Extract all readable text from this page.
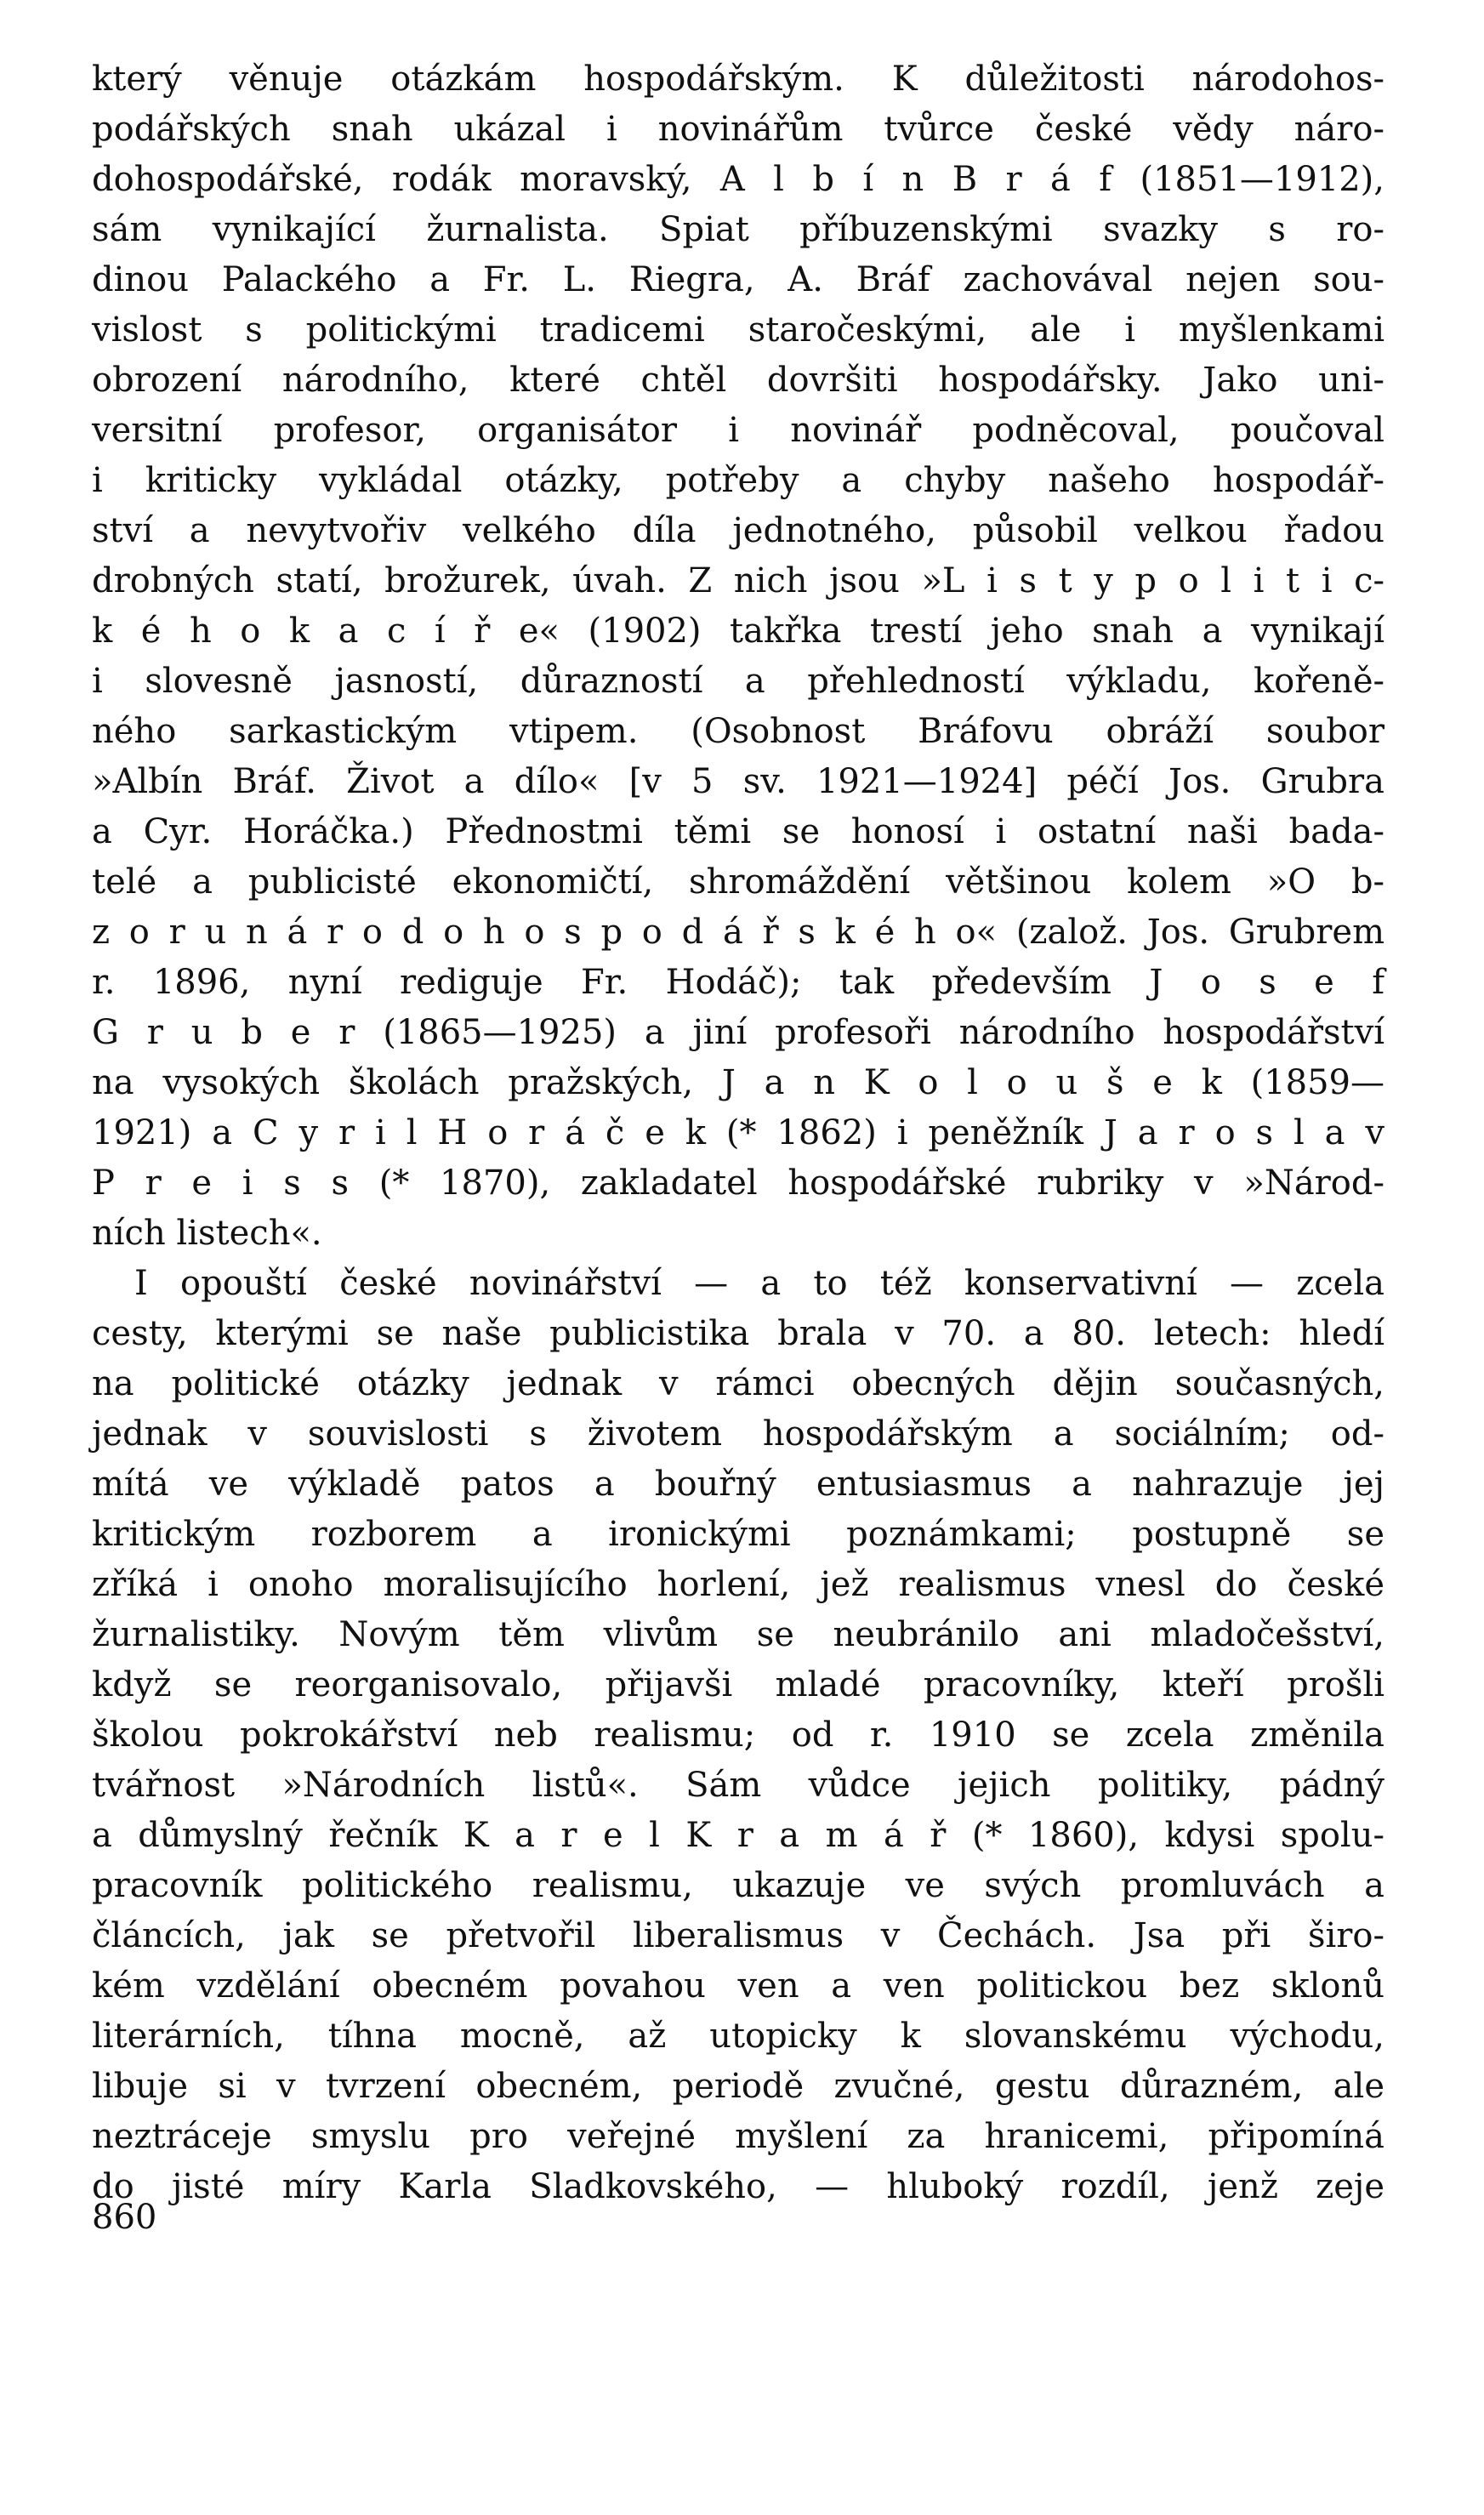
který věnuje otázkám hospodářským. K důležitosti národohos-
podářských snah ukázal i novinářům tvůrce české vědy náro-
dohospodářské, rodák moravský, A l b í n B r á f (1851—1912),
sám vynikající žurnalista. Spiat příbuzenskými svazky s ro-
dinou Palackého a Fr. L. Riegra, A. Bráf zachovával nejen sou-
vislost s politickými tradicemi staročeskými, ale i myšlenkami
obrození národního, které chtěl dovršiti hospodářsky. Jako uni-
versitní profesor, organisátor i novinář podněcoval, poučoval
i kriticky vykládal otázky, potřeby a chyby našeho hospodář-
ství a nevytvořiv velkého díla jednotného, působil velkou řadou
drobných statí, brožurek, úvah. Z nich jsou »L i s t y p o l i t i c-
k é h o k a c í ř e« (1902) takřka trestí jeho snah a vynikají
i slovesně jasností, důrazností a přehledností výkladu, kořeně-
ného sarkastickým vtipem. (Osobnost Bráfovu obráží soubor
»Albín Bráf. Život a dílo« [v 5 sv. 1921—1924] péčí Jos. Grubra
a Cyr. Horáčka.) Přednostmi těmi se honosí i ostatní naši bada-
telé a publicisté ekonomičtí, shromáždění většinou kolem »O b-
z o r u n á r o d o h o s p o d á ř s k é h o« (založ. Jos. Grubrem
r. 1896, nyní rediguje Fr. Hodáč); tak především J o s e f
G r u b e r (1865—1925) a jiní profesoři národního hospodářství
na vysokých školách pražských, J a n K o l o u š e k (1859—
1921) a C y r i l H o r á č e k (* 1862) i peněžník J a r o s l a v
P r e i s s (* 1870), zakladatel hospodářské rubriky v »Národ-
ních listech«.
I opouští české novinářství — a to též konservativní — zcela
cesty, kterými se naše publicistika brala v 70. a 80. letech: hledí
na politické otázky jednak v rámci obecných dějin současných,
jednak v souvislosti s životem hospodářským a sociálním; od-
mítá ve výkladě patos a bouřný entusiasmus a nahrazuje jej
kritickým rozborem a ironickými poznámkami; postupně se
zříká i onoho moralisujícího horlení, jež realismus vnesl do české
žurnalistiky. Novým těm vlivům se neubránilo ani mladočešství,
když se reorganisovalo, přijavši mladé pracovníky, kteří prošli
školou pokrokářství neb realismu; od r. 1910 se zcela změnila
tvářnost »Národních listů«. Sám vůdce jejich politiky, pádný
a důmyslný řečník K a r e l K r a m á ř (* 1860), kdysi spolu-
pracovník politického realismu, ukazuje ve svých promluvách a
článcích, jak se přetvořil liberalismus v Čechách. Jsa při širo-
kém vzdělání obecném povahou ven a ven politickou bez sklonů
literárních, tíhna mocně, až utopicky k slovanskému východu,
libuje si v tvrzení obecném, periodě zvučné, gestu důrazném, ale
neztráceje smyslu pro veřejné myšlení za hranicemi, připomíná
do jisté míry Karla Sladkovského, — hluboký rozdíl, jenž zeje
860
